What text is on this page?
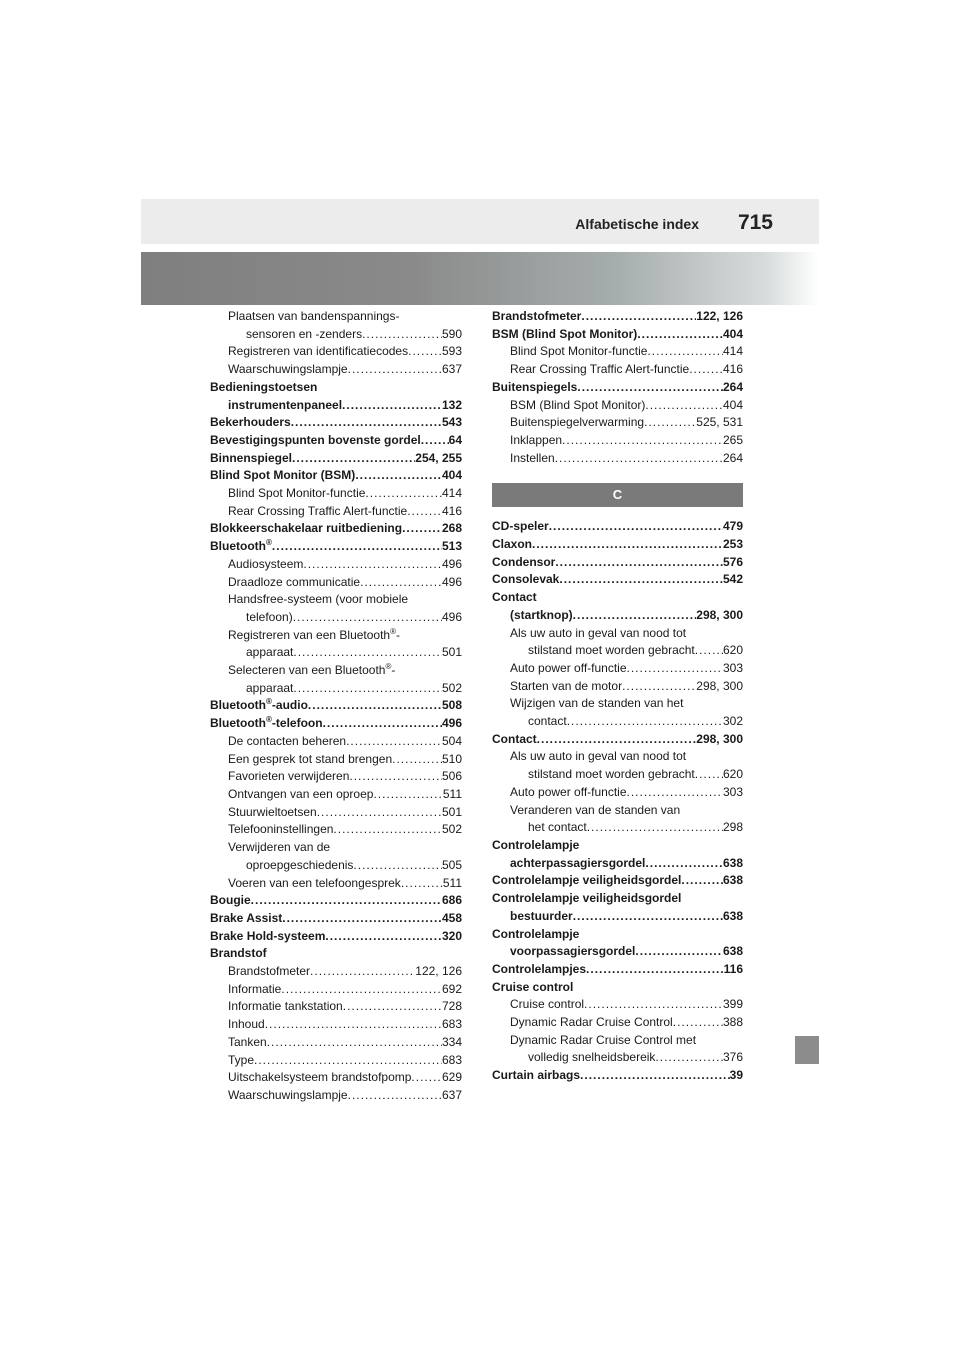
Alfabetische index 715
Plaatsen van bandenspannings-
sensoren en -zenders .....	590
Registreren van identificatiecodes .....	593
Waarschuwingslampje .....	637
Bedieningstoetsen
instrumentenpaneel .....	132
Bekerhouders .....	543
Bevestigingspunten bovenste gordel ..... 64
Binnenspiegel .....	254, 255
Blind Spot Monitor (BSM) .....	404
Blind Spot Monitor-functie .....	414
Rear Crossing Traffic Alert-functie .....	416
Blokkeerschakelaar ruitbediening .....	268
Bluetooth® .....	513
Audiosysteem .....	496
Draadloze communicatie .....	496
Handsfree-systeem (voor mobiele
telefoon) .....	496
Registreren van een Bluetooth®-
apparaat .....	501
Selecteren van een Bluetooth®-
apparaat .....	502
Bluetooth®-audio .....	508
Bluetooth®-telefoon .....	496
De contacten beheren .....	504
Een gesprek tot stand brengen .....	510
Favorieten verwijderen .....	506
Ontvangen van een oproep .....	511
Stuurwieltoetsen .....	501
Telefooninstellingen .....	502
Verwijderen van de
oproepgeschiedenis .....	505
Voeren van een telefoongesprek .....	511
Bougie .....	686
Brake Assist .....	458
Brake Hold-systeem .....	320
Brandstof
Brandstofmeter .....	122, 126
Informatie .....	692
Informatie tankstation .....	728
Inhoud .....	683
Tanken .....	334
Type .....	683
Uitschakelsysteem brandstofpomp .....	629
Waarschuwingslampje .....	637
Brandstofmeter .....	122, 126
BSM (Blind Spot Monitor) .....	404
Blind Spot Monitor-functie .....	414
Rear Crossing Traffic Alert-functie .....	416
Buitenspiegels .....	264
BSM (Blind Spot Monitor) .....	404
Buitenspiegelverwarming .....	525, 531
Inklappen .....	265
Instellen .....	264
C
CD-speler .....	479
Claxon .....	253
Condensor .....	576
Consolevak .....	542
Contact
(startknop) .....	298, 300
Als uw auto in geval van nood tot
stilstand moet worden gebracht ..... 620
Auto power off-functie .....	303
Starten van de motor .....	298, 300
Wijzigen van de standen van het
contact .....	302
Contact .....	298, 300
Als uw auto in geval van nood tot
stilstand moet worden gebracht ..... 620
Auto power off-functie .....	303
Veranderen van de standen van
het contact .....	298
Controlelampje
achterpassagiersgordel .....	638
Controlelampje veiligheidsgordel .....	638
Controlelampje veiligheidsgordel
bestuurder .....	638
Controlelampje
voorpassagiersgordel .....	638
Controlelampjes .....	116
Cruise control
Cruise control .....	399
Dynamic Radar Cruise Control .....	388
Dynamic Radar Cruise Control met
volledig snelheidsbereik .....	376
Curtain airbags .....	39
